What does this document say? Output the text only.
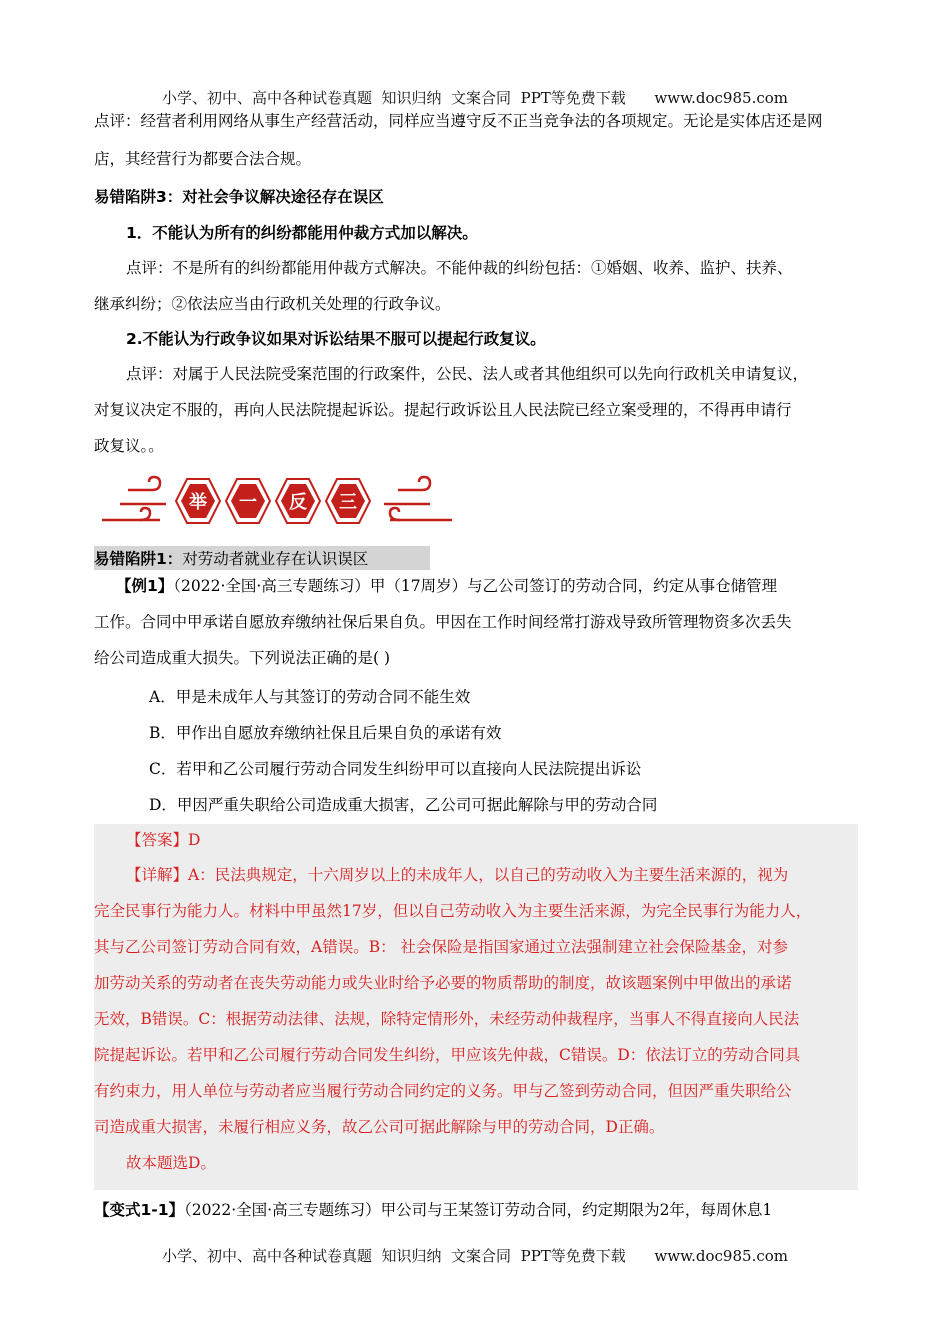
小学、初中、高中各种试卷真题  知识归纳  文案合同  PPT等免费下载      www.doc985.com
点评：经营者利用网络从事生产经营活动，同样应当遵守反不正当竞争法的各项规定。无论是实体店还是网
店，其经营行为都要合法合规。
易错陷阱3：对社会争议解决途径存在误区
1．不能认为所有的纠纷都能用仲裁方式加以解决。
点评：不是所有的纠纷都能用仲裁方式解决。不能仲裁的纠纷包括：①婚姻、收养、监护、扶养、
继承纠纷；②依法应当由行政机关处理的行政争议。
2.不能认为行政争议如果对诉讼结果不服可以提起行政复议。
点评：对属于人民法院受案范围的行政案件，公民、法人或者其他组织可以先向行政机关申请复议，
对复议决定不服的，再向人民法院提起诉讼。提起行政诉讼且人民法院已经立案受理的，不得再申请行
政复议。。
举 一 反 三
易错陷阱1：对劳动者就业存在认识误区
【例1】（2022·全国·高三专题练习）甲（17周岁）与乙公司签订的劳动合同，约定从事仓储管理
工作。合同中甲承诺自愿放弃缴纳社保后果自负。甲因在工作时间经常打游戏导致所管理物资多次丢失
给公司造成重大损失。下列说法正确的是( )
A．甲是未成年人与其签订的劳动合同不能生效
B．甲作出自愿放弃缴纳社保且后果自负的承诺有效
C．若甲和乙公司履行劳动合同发生纠纷甲可以直接向人民法院提出诉讼
D．甲因严重失职给公司造成重大损害，乙公司可据此解除与甲的劳动合同
【答案】D
【详解】A：民法典规定，十六周岁以上的未成年人，以自己的劳动收入为主要生活来源的，视为
完全民事行为能力人。材料中甲虽然17岁，但以自己劳动收入为主要生活来源，为完全民事行为能力人，
其与乙公司签订劳动合同有效，A错误。B： 社会保险是指国家通过立法强制建立社会保险基金，对参
加劳动关系的劳动者在丧失劳动能力或失业时给予必要的物质帮助的制度，故该题案例中甲做出的承诺
无效，B错误。C：根据劳动法律、法规，除特定情形外，未经劳动仲裁程序，当事人不得直接向人民法
院提起诉讼。若甲和乙公司履行劳动合同发生纠纷，甲应该先仲裁，C错误。D：依法订立的劳动合同具
有约束力，用人单位与劳动者应当履行劳动合同约定的义务。甲与乙签到劳动合同，但因严重失职给公
司造成重大损害，未履行相应义务，故乙公司可据此解除与甲的劳动合同，D正确。
故本题选D。
【变式1-1】（2022·全国·高三专题练习）甲公司与王某签订劳动合同，约定期限为2年，每周休息1
小学、初中、高中各种试卷真题  知识归纳  文案合同  PPT等免费下载      www.doc985.com
